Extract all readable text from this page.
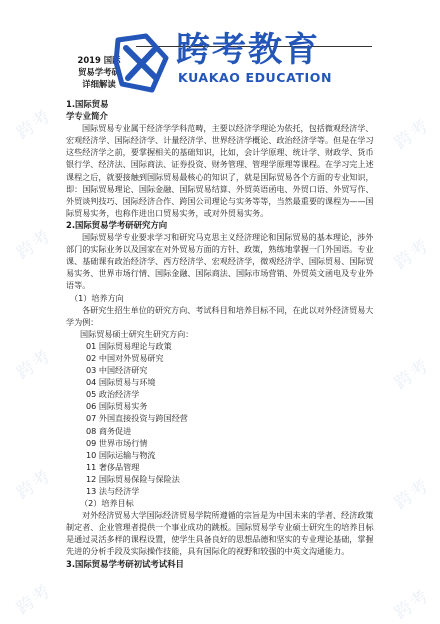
跨考
跨考
跨考
跨考
跨考
跨考
跨考
跨考
跨考
跨考
2019 国际
贸易学考研
详细解读
跨考教育
KUAKAO EDUCATION

1.国际贸易

学专业简介

国际贸易专业属于经济学学科范畴，主要以经济学理论为依托，包括微观经济学、宏观经济学、国际经济学、计量经济学、世界经济学概论、政治经济学等。但是在学习这些经济学之前，要掌握相关的基础知识，比如，会计学原理、统计学、财政学、货币银行学、经济法、国际商法、证券投资、财务管理、管理学原理等课程。在学习完上述课程之后，就要接触到国际贸易最核心的知识了，就是国际贸易各个方面的专业知识，即：国际贸易理论、国际金融、国际贸易结算、外贸英语函电、外贸口语、外贸写作、外贸谈判技巧、国际经济合作、跨国公司理论与实务等等，当然最重要的课程为——国际贸易实务，也称作进出口贸易实务，或对外贸易实务。

2.国际贸易学考研研究方向

国际贸易学专业要求学习和研究马克思主义经济理论和国际贸易的基本理论，涉外部门的实际业务以及国家在对外贸易方面的方针、政策，熟练地掌握一门外国语。专业课、基础课有政治经济学、西方经济学、宏观经济学，微观经济学、国际贸易、国际贸易实务、世界市场行情、国际金融、国际商法、国际市场营销、外贸英文函电及专业外语等。

（1）培养方向

各研究生招生单位的研究方向、考试科目和培养目标不同，在此以对外经济贸易大学为例：

国际贸易硕士研究生研究方向：

01 国际贸易理论与政策

02 中国对外贸易研究

03 中国经济研究

04 国际贸易与环境

05 政治经济学

06 国际贸易实务

07 外国直接投资与跨国经营

08 商务促进

09 世界市场行情

10 国际运输与物流

11 奢侈品管理

12 国际贸易保险与保险法

13 法与经济学

（2）培养目标

对外经济贸易大学国际经济贸易学院所遵循的宗旨是为中国未来的学者、经济政策制定者、企业管理者提供一个事业成功的跳板。国际贸易学专业硕士研究生的培养目标是通过灵活多样的课程设置，使学生具备良好的思想品德和坚实的专业理论基础，掌握先进的分析手段及实际操作技能，具有国际化的视野和较强的中英文沟通能力。

3.国际贸易学考研初试考试科目
